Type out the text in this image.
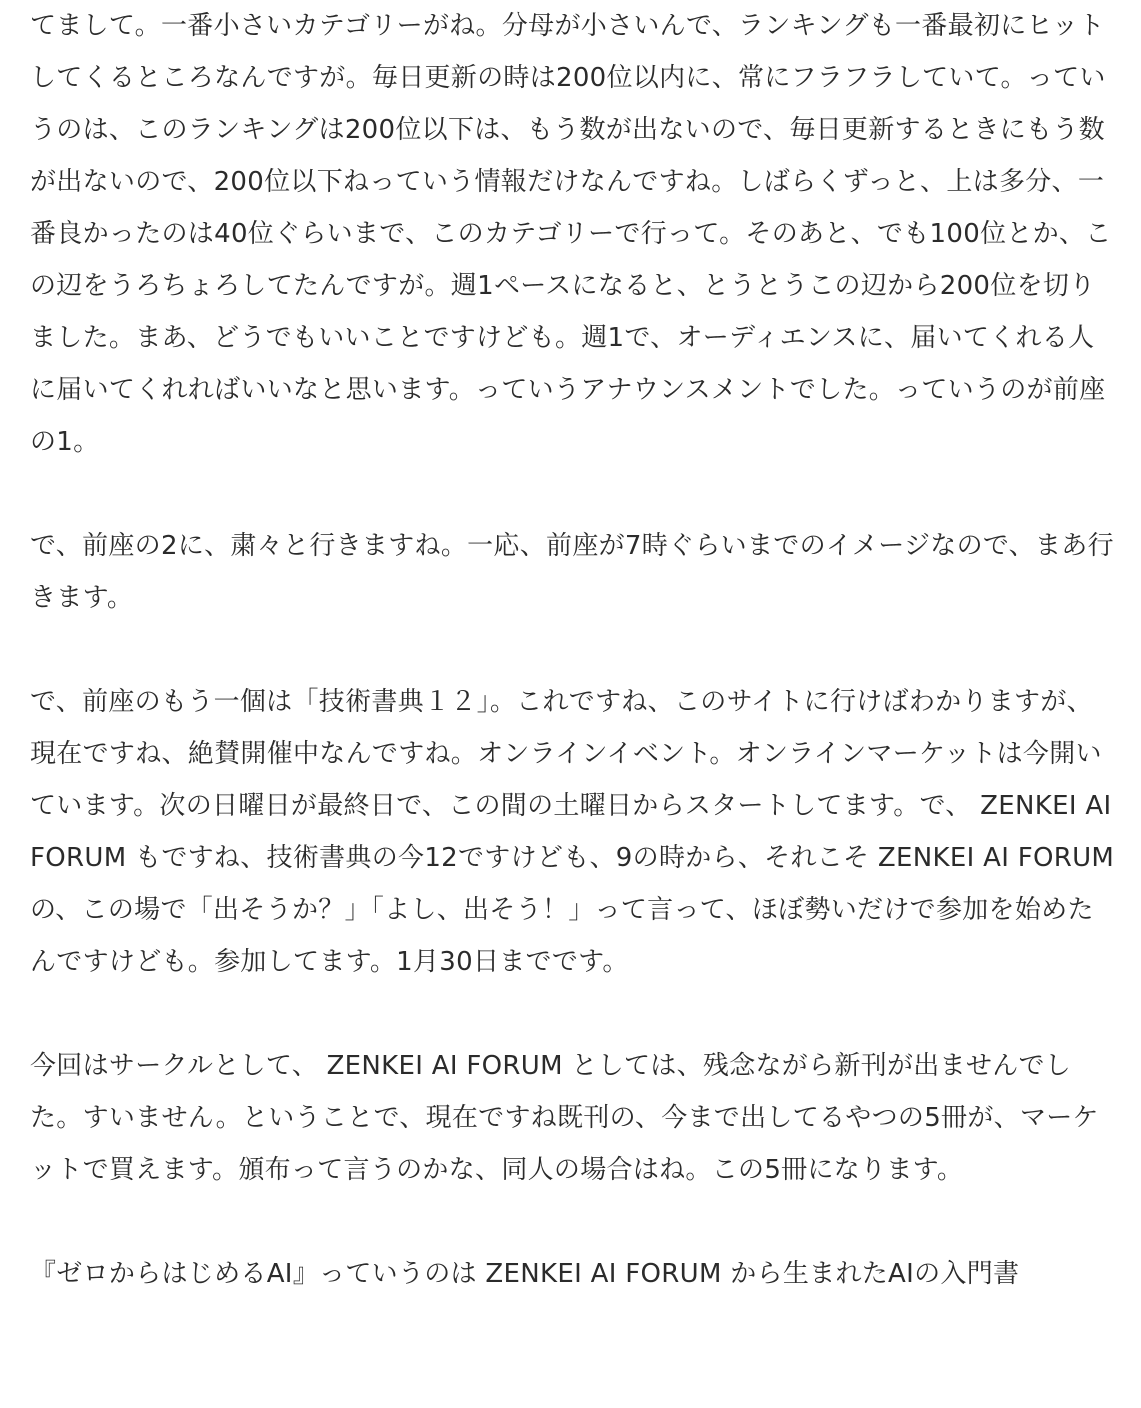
てまして。一番小さいカテゴリーがね。分母が小さいんで、ランキングも一番最初にヒットしてくるところなんですが。毎日更新の時は200位以内に、常にフラフラしていて。っていうのは、このランキングは200位以下は、もう数が出ないので、毎日更新するときにもう数が出ないので、200位以下ねっていう情報だけなんですね。しばらくずっと、上は多分、一番良かったのは40位ぐらいまで、このカテゴリーで行って。そのあと、でも100位とか、この辺をうろちょろしてたんですが。週1ペースになると、とうとうこの辺から200位を切りました。まあ、どうでもいいことですけども。週1で、オーディエンスに、届いてくれる人に届いてくれればいいなと思います。っていうアナウンスメントでした。っていうのが前座の1。

で、前座の2に、粛々と行きますね。一応、前座が7時ぐらいまでのイメージなので、まあ行きます。

で、前座のもう一個は「技術書典１２」。これですね、このサイトに行けばわかりますが、現在ですね、絶賛開催中なんですね。オンラインイベント。オンラインマーケットは今開いています。次の日曜日が最終日で、この間の土曜日からスタートしてます。で、 ZENKEI AI FORUM もですね、技術書典の今12ですけども、9の時から、それこそ ZENKEI AI FORUM の、この場で「出そうか？」「よし、出そう！」って言って、ほぼ勢いだけで参加を始めたんですけども。参加してます。1月30日までです。

今回はサークルとして、 ZENKEI AI FORUM としては、残念ながら新刊が出ませんでした。すいません。ということで、現在ですね既刊の、今まで出してるやつの5冊が、マーケットで買えます。頒布って言うのかな、同人の場合はね。この5冊になります。

『ゼロからはじめるAI』っていうのは ZENKEI AI FORUM から生まれたAIの入門書
